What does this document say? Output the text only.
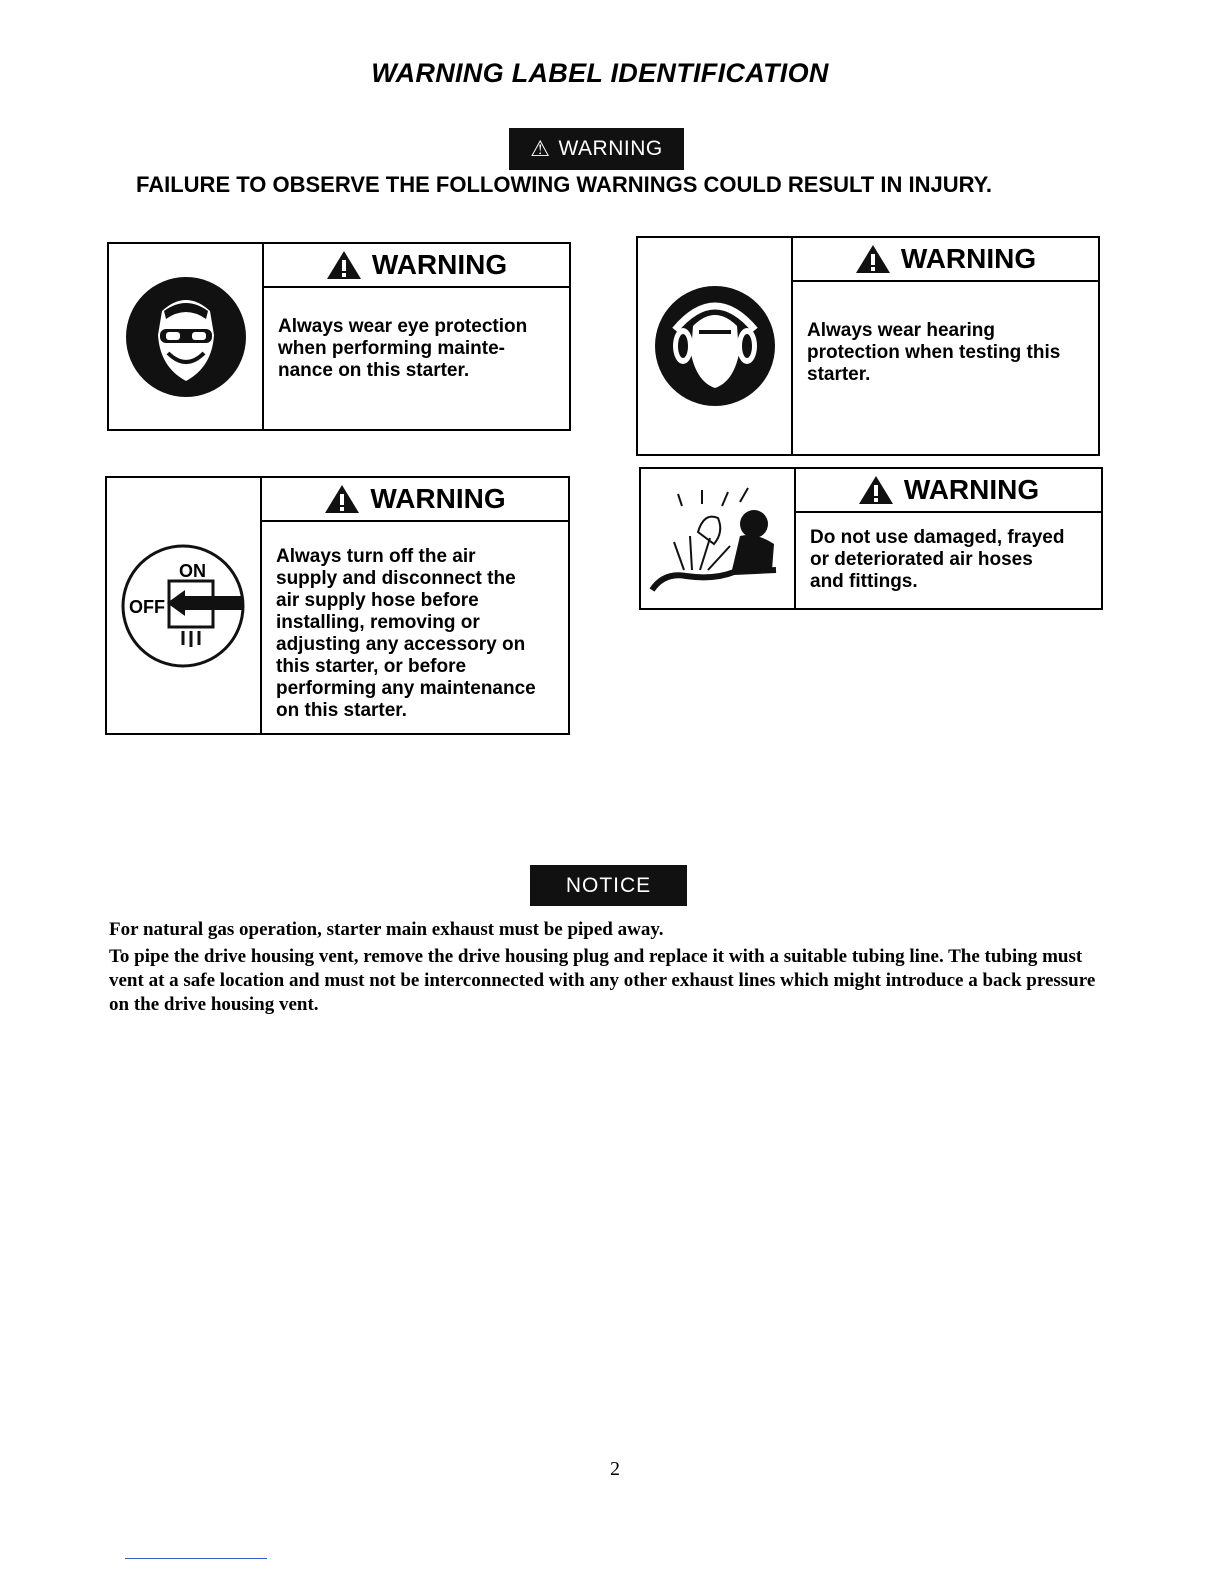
WARNING LABEL IDENTIFICATION
⚠ WARNING
FAILURE TO OBSERVE THE FOLLOWING WARNINGS COULD RESULT IN INJURY.
WARNING
Always wear eye protection
when performing mainte-
nance on this starter.
WARNING
Always wear hearing
protection when testing this
starter.
ON
OFF
WARNING
Always turn off the air
supply and disconnect the
air supply hose before
installing, removing or
adjusting any accessory on
this starter, or before
performing any maintenance
on this starter.
WARNING
Do not use damaged, frayed
or deteriorated air hoses
and fittings.
NOTICE
For natural gas operation, starter main exhaust must be piped away.
To pipe the drive housing vent, remove the drive housing plug and replace it with a suitable tubing line. The tubing must vent at a safe location and must not be interconnected with any other exhaust lines which might introduce a back pressure on the drive housing vent.
2
